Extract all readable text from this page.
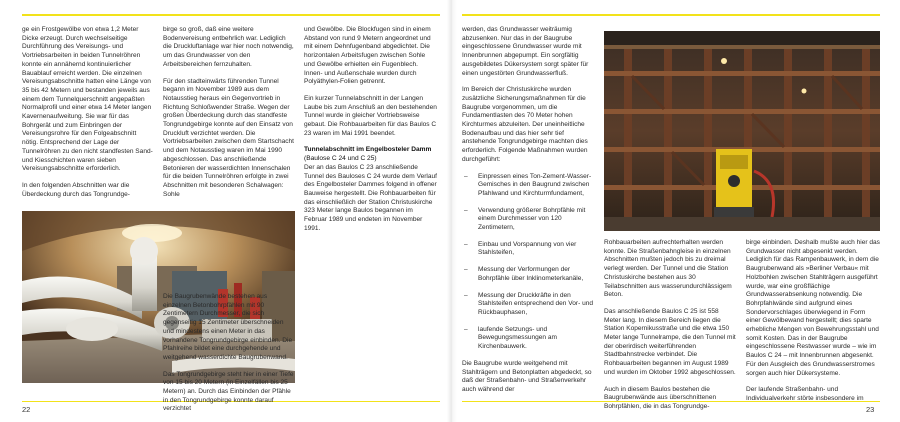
ge ein Frostgewölbe von etwa 1,2 Meter Dicke erzeugt. Durch wechselseitige Durchführung des Vereisungs- und Vortriebsarbeiten in beiden Tunnelröhren konnte ein annähernd kontinuierlicher Bauablauf erreicht werden. Die einzelnen Vereisungsabschnitte hatten eine Länge von 35 bis 42 Metern und bestanden jeweils aus einem dem Tunnelquerschnitt angepaßten Normalprofil und einer etwa 14 Meter langen Kavernenaufweitung. Sie war für das Bohrgerät und zum Einbringen der Vereisungsrohre für den Folgeabschnitt nötig. Entsprechend der Lage der Tunnelröhren zu den nicht standfesten Sand- und Kiesschichten waren sieben Vereisungsabschnitte erforderlich.

In den folgenden Abschnitten war die Überdeckung durch das Tongrundge-

birge so groß, daß eine weitere Bodenvereisung entbehrlich war. Lediglich die Druckluftanlage war hier noch notwendig, um das Grundwasser von den Arbeitsbereichen fernzuhalten.

Für den stadteinwärts führenden Tunnel begann im November 1989 aus dem Notausstieg heraus ein Gegenvortrieb in Richtung Schloßwender Straße. Wegen der großen Überdeckung durch das standfeste Tongrundgebirge konnte auf den Einsatz von Druckluft verzichtet werden. Die Vortriebsarbeiten zwischen dem Startschacht und dem Notausstieg waren im Mai 1990 abgeschlossen. Das anschließende Betonieren der wasserdichten Innenschalen für die beiden Tunnelröhren erfolgte in zwei Abschnitten mit besonderen Schalwagen: Sohle

und Gewölbe. Die Blockfugen sind in einem Abstand von rund 9 Metern angeordnet und mit einem Dehnfugenband abgedichtet. Die horizontalen Arbeitsfugen zwischen Sohle und Gewölbe erhielten ein Fugenblech. Innen- und Außenschale wurden durch Polyäthylen-Folien getrennt.

Ein kurzer Tunnelabschnitt in der Langen Laube bis zum Anschluß an den bestehenden Tunnel wurde in gleicher Vortriebsweise gebaut. Die Rohbauarbeiten für das Baulos C 23 waren im Mai 1991 beendet.

Tunnelabschnitt im Engelbosteler Damm (Baulose C 24 und C 25)

Der an das Baulos C 23 anschließende Tunnel des Bauloses C 24 wurde dem Verlauf des Engelbosteler Dammes folgend in offener Bauweise hergestellt. Die Rohbauarbeiten für das einschließlich der Station Christuskirche 323 Meter lange Baulos begannen im Februar 1989 und endeten im November 1991.

Die Baugrubenwände bestehen aus einzelnen Betonbohrpfählen mit 90 Zentimetern Durchmesser, die sich gegenseitig 15 Zentimeter überschneiden und mindestens einen Meter in das vorhandene Tongrundgebirge einbinden. Die Pfahlreihe bildet eine durchgehende und weitgehend wasserdichte Baugrubenwand.

Das Tongrundgebirge steht hier in einer Tiefe von 15 bis 20 Metern (in Einzelfällen bis 25 Metern) an. Durch das Einbinden der Pfähle in den Tongrundgebirge konnte darauf verzichtet

22

werden, das Grundwasser weiträumig abzusenken. Nur das in der Baugrube eingeschlossene Grundwasser wurde mit Innenbrunnen abgepumpt. Ein sorgfältig ausgebildetes Dükersystem sorgt später für einen ungestörten Grundwasserfluß.

Im Bereich der Christuskirche wurden zusätzliche Sicherungsmaßnahmen für die Baugrube vorgenommen, um die Fundamentlasten des 70 Meter hohen Kirchturmes abzuleiten. Der uneinheitliche Bodenaufbau und das hier sehr tief anstehende Tongrundgebirge machten dies erforderlich. Folgende Maßnahmen wurden durchgeführt:

– Einpressen eines Ton-Zement-Wasser-Gemisches in den Baugrund zwischen Pfahlwand und Kirchturmfundament,
– Verwendung größerer Bohrpfähle mit einem Durchmesser von 120 Zentimetern,
– Einbau und Vorspannung von vier Stahlsteifen,
– Messung der Verformungen der Bohrpfähle über Inklinometerkanäle,
– Messung der Druckkräfte in den Stahlsteifen entsprechend den Vor- und Rückbauphasen,
– laufende Setzungs- und Bewegungsmessungen am Kirchenbauwerk.

Die Baugrube wurde weitgehend mit Stahlträgern und Betonplatten abgedeckt, so daß der Straßenbahn- und Straßenverkehr auch während der

Rohbauarbeiten aufrechterhalten werden konnte. Die Straßenbahngleise in einzelnen Abschnitten mußten jedoch bis zu dreimal verlegt werden. Der Tunnel und die Station Christuskirche bestehen aus 30 Teilabschnitten aus wasserundurchlässigem Beton.

Das anschließende Baulos C 25 ist 558 Meter lang. In diesem Bereich liegen die Station Kopernikusstraße und die etwa 150 Meter lange Tunnelrampe, die den Tunnel mit der oberirdisch weiterführenden Stadtbahnstrecke verbindet. Die Rohbauarbeiten begannen im August 1989 und wurden im Oktober 1992 abgeschlossen.

Auch in diesem Baulos bestehen die Baugrubenwände aus überschnittenen Bohrpfählen, die in das Tongrundge-

birge einbinden. Deshalb mußte auch hier das Grundwasser nicht abgesenkt werden. Lediglich für das Rampenbauwerk, in dem die Baugrubenwand als »Berliner Verbau« mit Holzbohlen zwischen Stahlträgern ausgeführt wurde, war eine großflächige Grundwasserabsenkung notwendig. Die Bohrpfahlwände sind aufgrund eines Sondervorschlages überwiegend in Form einer Gewölbewand hergestellt; dies sparte erhebliche Mengen von Bewehrungsstahl und somit Kosten. Das in der Baugrube eingeschlossene Restwasser wurde – wie im Baulos C 24 – mit Innenbrunnen abgesenkt. Für den Ausgleich des Grundwasserstromes sorgen auch hier Dükersysteme.

Der laufende Straßenbahn- und Individualverkehr störte insbesondere im

23
